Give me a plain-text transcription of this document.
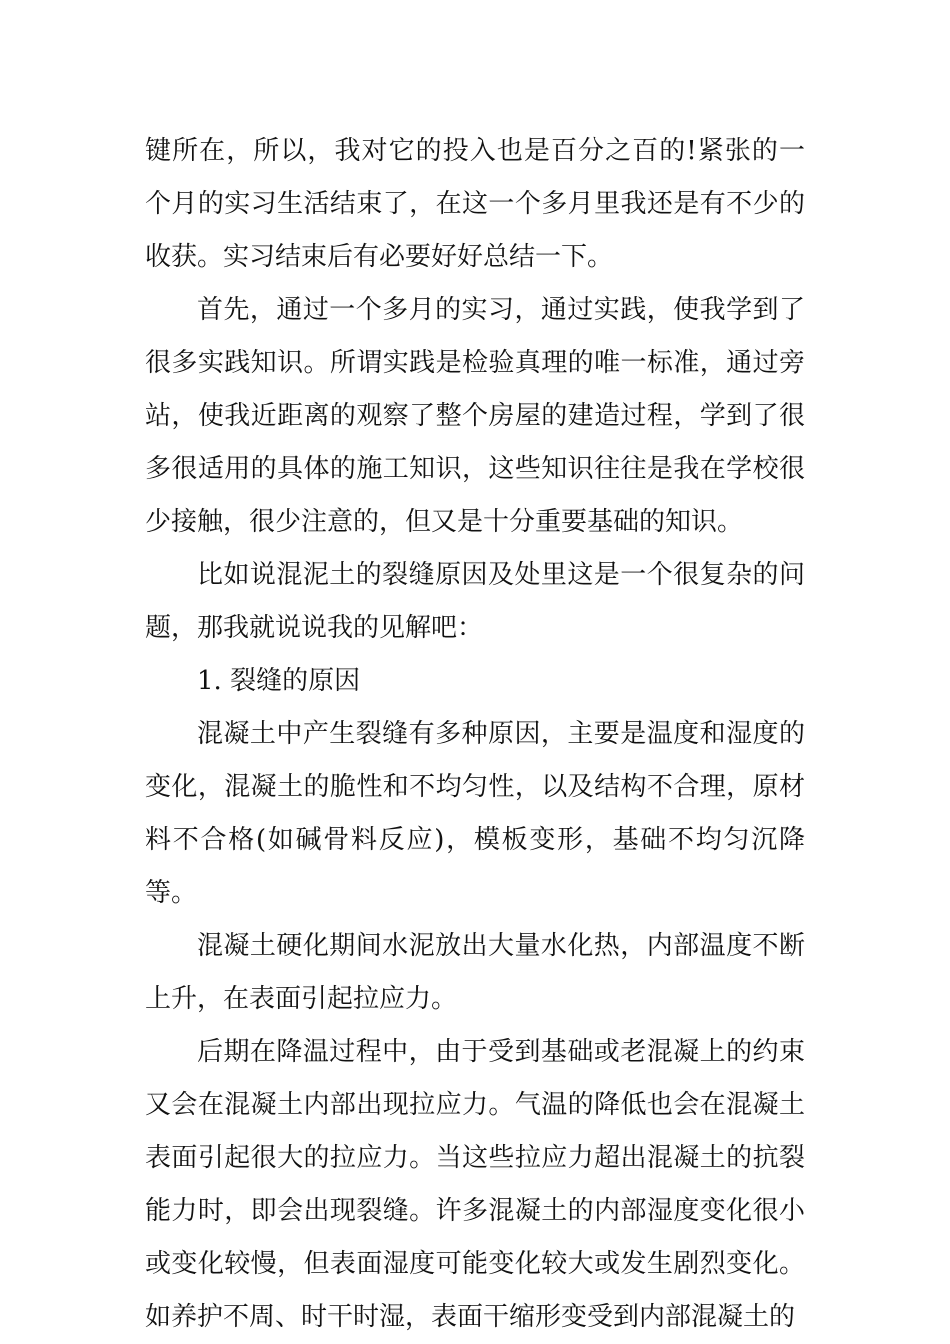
键所在，所以，我对它的投入也是百分之百的!紧张的一个月的实习生活结束了，在这一个多月里我还是有不少的收获。实习结束后有必要好好总结一下。

首先，通过一个多月的实习，通过实践，使我学到了很多实践知识。所谓实践是检验真理的唯一标准，通过旁站，使我近距离的观察了整个房屋的建造过程，学到了很多很适用的具体的施工知识，这些知识往往是我在学校很少接触，很少注意的，但又是十分重要基础的知识。

比如说混泥土的裂缝原因及处里这是一个很复杂的问题，那我就说说我的见解吧：

1. 裂缝的原因

混凝土中产生裂缝有多种原因，主要是温度和湿度的变化，混凝土的脆性和不均匀性，以及结构不合理，原材料不合格(如碱骨料反应)，模板变形，基础不均匀沉降等。

混凝土硬化期间水泥放出大量水化热，内部温度不断上升，在表面引起拉应力。

后期在降温过程中，由于受到基础或老混凝上的约束又会在混凝土内部出现拉应力。气温的降低也会在混凝土表面引起很大的拉应力。当这些拉应力超出混凝土的抗裂能力时，即会出现裂缝。许多混凝土的内部湿度变化很小或变化较慢，但表面湿度可能变化较大或发生剧烈变化。如养护不周、时干时湿，表面干缩形变受到内部混凝土的
